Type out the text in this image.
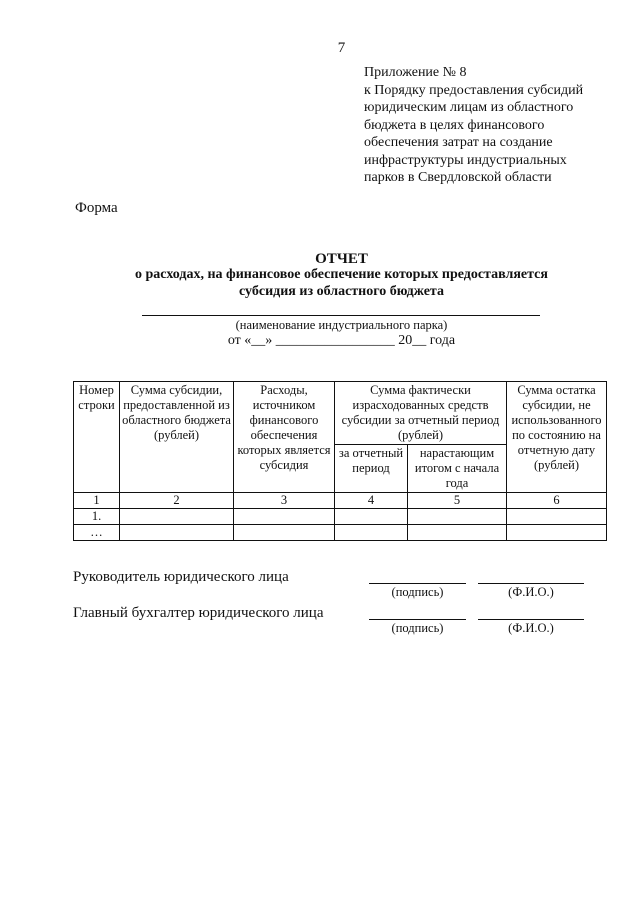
7
Приложение № 8
к Порядку предоставления субсидий
юридическим лицам из областного
бюджета в целях финансового
обеспечения затрат на создание
инфраструктуры индустриальных
парков в Свердловской области
Форма
ОТЧЕТ
о расходах, на финансовое обеспечение которых предоставляется
субсидия из областного бюджета
(наименование индустриального парка)
от «__» _________________ 20__ года
Номер строки	Сумма субсидии, предоставленной из областного бюджета (рублей)	Расходы, источником финансового обеспечения которых является субсидия	Сумма фактически израсходованных средств субсидии за отчетный период (рублей)		Сумма остатка субсидии, не использованного по состоянию на отчетную дату (рублей)
			за отчетный период	нарастающим итогом с начала года	
1	2	3	4	5	6
1.					
…					
Руководитель юридического лица
(подпись)	(Ф.И.О.)
Главный бухгалтер юридического лица
(подпись)	(Ф.И.О.)
